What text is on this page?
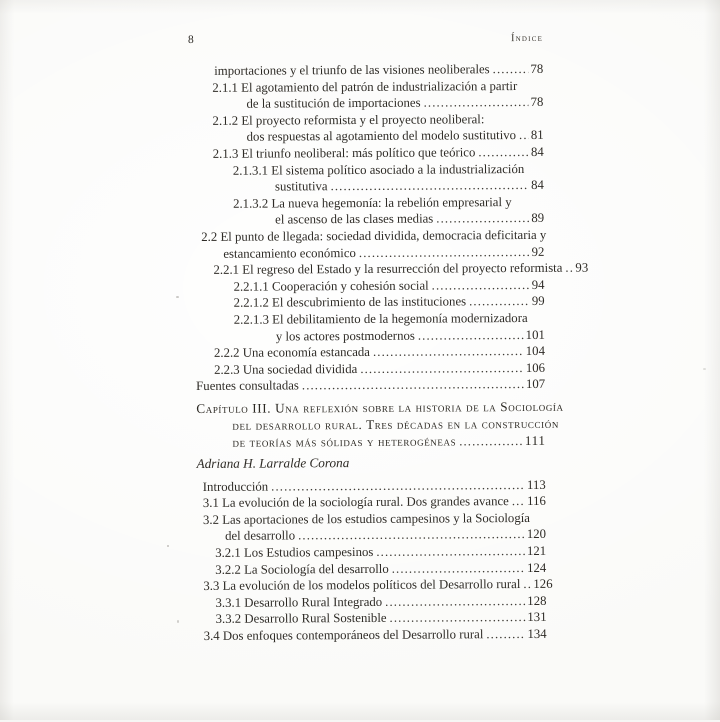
8	Índice
importaciones y el triunfo de las visiones neoliberales .....	78
2.1.1 El agotamiento del patrón de industrialización a partir
de la sustitución de importaciones .....	78
2.1.2 El proyecto reformista y el proyecto neoliberal:
dos respuestas al agotamiento del modelo sustitutivo ..... 81
2.1.3 El triunfo neoliberal: más político que teórico .....	84
2.1.3.1 El sistema político asociado a la industrialización
sustitutiva .....	84
2.1.3.2 La nueva hegemonía: la rebelión empresarial y
el ascenso de las clases medias .....	89
2.2 El punto de llegada: sociedad dividida, democracia deficitaria y
estancamiento económico .....	92
2.2.1 El regreso del Estado y la resurrección del proyecto reformista ..... 93
2.2.1.1 Cooperación y cohesión social .....	94
2.2.1.2 El descubrimiento de las instituciones .....	99
2.2.1.3 El debilitamiento de la hegemonía modernizadora
y los actores postmodernos .....	101
2.2.2 Una economía estancada .....	104
2.2.3 Una sociedad dividida .....	106
Fuentes consultadas .....	107
Capítulo III. Una reflexión sobre la historia de la Sociología
del desarrollo rural. Tres décadas en la construcción
de teorías más sólidas y heterogéneas .....	111
Adriana H. Larralde Corona
Introducción .....	113
3.1 La evolución de la sociología rural. Dos grandes avance ..... 116
3.2 Las aportaciones de los estudios campesinos y la Sociología
del desarrollo .....	120
3.2.1 Los Estudios campesinos .....	121
3.2.2 La Sociología del desarrollo .....	124
3.3 La evolución de los modelos políticos del Desarrollo rural ..... 126
3.3.1 Desarrollo Rural Integrado .....	128
3.3.2 Desarrollo Rural Sostenible .....	131
3.4 Dos enfoques contemporáneos del Desarrollo rural .....	134
